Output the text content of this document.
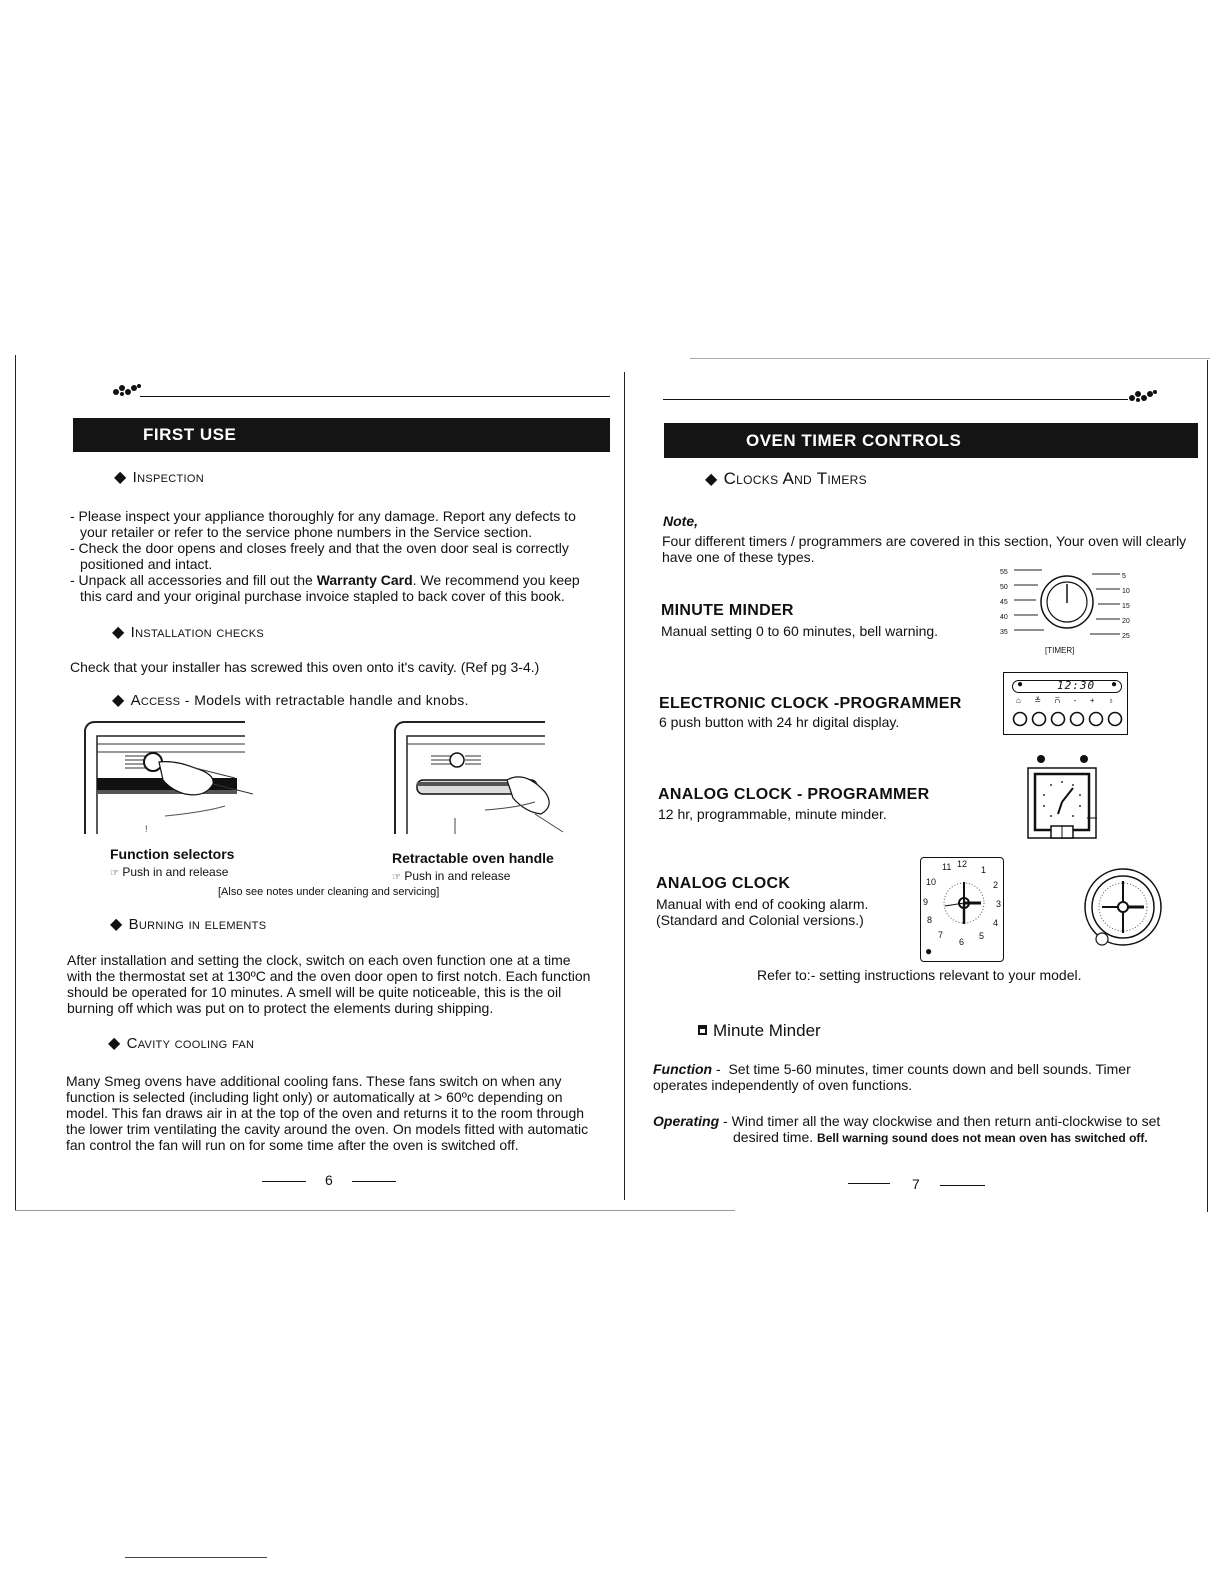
FIRST USE
◆ Inspection
- Please inspect your appliance thoroughly for any damage. Report any defects to
your retailer or refer to the service phone numbers in the Service section.
- Check the door opens and closes freely and that the oven door seal is correctly
positioned and intact.
- Unpack all accessories and fill out the Warranty Card. We recommend you keep
this card and your original purchase invoice stapled to back cover of this book.
◆ Installation checks
Check that your installer has screwed this oven onto it's cavity. (Ref pg 3-4.)
◆ Access - Models with retractable handle and knobs.
!
Function selectors
☞ Push in and release
Retractable oven handle
☞ Push in and release
[Also see notes under cleaning and servicing]
◆ Burning in elements
After installation and setting the clock, switch on each oven function one at a time
with the thermostat set at 130ºC and the oven door open to first notch. Each function
should be operated for 10 minutes. A smell will be quite noticeable, this is the oil
burning off which was put on to protect the elements during shipping.
◆ Cavity cooling fan
Many Smeg ovens have additional cooling fans. These fans switch on when any
function is selected (including light only) or automatically at > 60ºc depending on
model. This fan draws air in at the top of the oven and returns it to the room through
the lower trim ventilating the cavity around the oven. On models fitted with automatic
fan control the fan will run on for some time after the oven is switched off.
6
OVEN TIMER CONTROLS
◆ Clocks And Timers
Note,
Four different timers / programmers are covered in this section, Your oven will clearly
have one of these types.
MINUTE MINDER
Manual setting 0 to 60 minutes, bell warning.
55
50
45
40
35
5
10
15
20
25
[TIMER]
ELECTRONIC CLOCK -PROGRAMMER
6 push button with 24 hr digital display.
●	12:30 ●
⌂ ≚ ⩃ - + ♁
ANALOG CLOCK - PROGRAMMER
12 hr, programmable, minute minder.
ANALOG CLOCK
Manual with end of cooking alarm.
(Standard and Colonial versions.)
11 12
1
10	2
9	3
8	4
7
6
5
●
Refer to:- setting instructions relevant to your model.
Minute Minder
Function - Set time 5-60 minutes, timer counts down and bell sounds. Timer
operates independently of oven functions.
Operating - Wind timer all the way clockwise and then return anti-clockwise to set
desired time. Bell warning sound does not mean oven has switched off.
7
